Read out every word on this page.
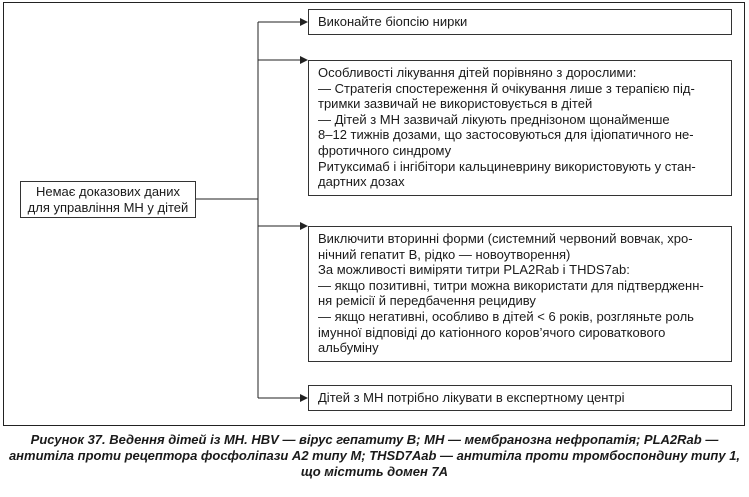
Немає доказових даних
для управління МН у дітей
Виконайте біопсію нирки
Особливості лікування дітей порівняно з дорослими:
— Стратегія спостереження й очікування лише з терапією під-
тримки зазвичай не використовується в дітей
— Дітей з МН зазвичай лікують преднізоном щонайменше
8–12 тижнів дозами, що застосовуються для ідіопатичного не-
фротичного синдрому
Ритуксимаб і інгібітори кальциневрину використовують у стан-
дартних дозах
Виключити вторинні форми (системний червоний вовчак, хро-
нічний гепатит В, рідко — новоутворення)
За можливості виміряти титри PLA2Rab і THDS7ab:
— якщо позитивні, титри можна використати для підтвердженн-
ня ремісії й передбачення рецидиву
— якщо негативні, особливо в дітей < 6 років, розгляньте роль
імунної відповіді до катіонного коров’ячого сироваткового
альбуміну
Дітей з МН потрібно лікувати в експертному центрі
Рисунок 37. Ведення дітей із МН. HBV — вірус гепатиту В; МН — мембранозна нефропатія; PLA2Rab —
антитіла проти рецептора фосфоліпази А2 типу М; THSD7Aab — антитіла проти тромбоспондину типу 1,
що містить домен 7А
